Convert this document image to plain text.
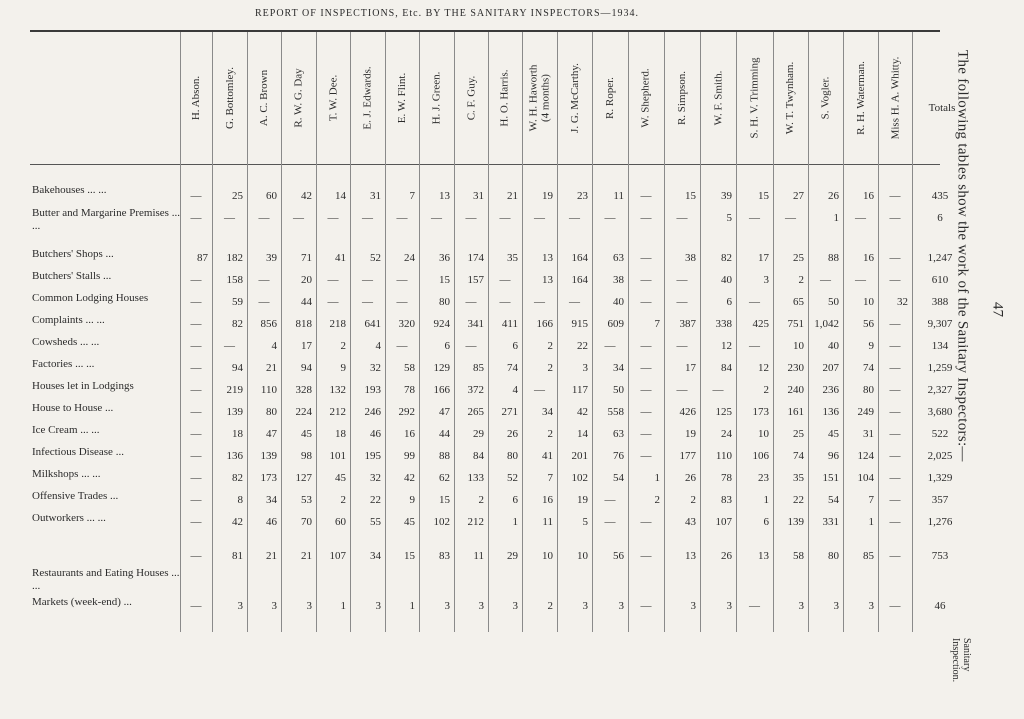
REPORT OF INSPECTIONS, Etc. BY THE SANITARY INSPECTORS—1934.
H. Abson. G. Bottomley. A. C. Brown R. W. G. Day T. W. Dee. E. J. Edwards. E. W. Flint. H. J. Green. C. F. Guy. H. O. Harris. W. H. Haworth
(4 months) J. G. McCarthy. R. Roper. W. Shepherd. R. Simpson. W. F. Smith. S. H. V. Trimming W. T. Twynham. S. Vogler. R. H. Waterman. Miss H. A. Whitty.
Bakehouses ... ...	—	25	60	42	14	31	7	13	31	21	19	23	11	—	15	39	15	27	26	16	—	435
Butter and Margarine Premises ... ...
—	—	—	—	—	—	—	—	—	—	—	—	—	—	—	5	—	—	1	—	—	6
Butchers' Shops ...	87	182	39	71	41	52	24	36	174	35	13	164	63	—	38	82	17	25	88	16	—	1,247
Butchers' Stalls ...	—	158	—	20	—	—	—	15	157	—	13	164	38	—	—	40	3	2	—	—	—	610
Common Lodging Houses	—	59	—	44	—	—	—	80	—	—	—	—	40	—	—	6	—	65	50	10	32	388
Complaints ... ...	—	82	856	818	218	641	320	924	341	411	166	915	609	7	387	338	425	751 1,042	56	—	9,307
Cowsheds ... ...	—	—	4	17	2	4	—	6	—	6	2	22	—	—	—	12	—	10	40	9	—	134
Factories ... ...	—	94	21	94	9	32	58	129	85	74	2	3	34	—	17	84	12	230	207	74	—	1,259
Houses let in Lodgings	—	219	110	328	132	193	78	166	372	4	—	117	50	—	—	—	2	240	236	80	—	2,327
House to House ...	—	139	80	224	212	246	292	47	265	271	34	42	558	—	426	125	173	161	136	249	—	3,680
Ice Cream ... ...	—	18	47	45	18	46	16	44	29	26	2	14	63	—	19	24	10	25	45	31	—	522
Infectious Disease ...	—	136	139	98	101	195	99	88	84	80	41	201	76	—	177	110	106	74	96	124	—	2,025
Milkshops ... ...	—	82	173	127	45	32	42	62	133	52	7	102	54	1	26	78	23	35	151	104	—	1,329
Offensive Trades ...	—	8	34	53	2	22	9	15	2	6	16	19	—	2	2	83	1	22	54	7	—	357
Outworkers ... ...	—	42	46	70	60	55	45	102	212	1	11	5	—	—	43	107	6	139	331	1	—	1,276
Restaurants and Eating Houses ... ...
—	81	21	21	107	34	15	83	11	29	10	10	56	—	13	26	13	58	80	85	—	753
Markets (week-end) ...	—	3	3	3	1	3	1	3	3	3	2	3	3	—	3	3	—	3	3	3	—	46
Totals The following tables show the work of the Sanitary Inspectors:— 47
Sanitary
Inspection.
